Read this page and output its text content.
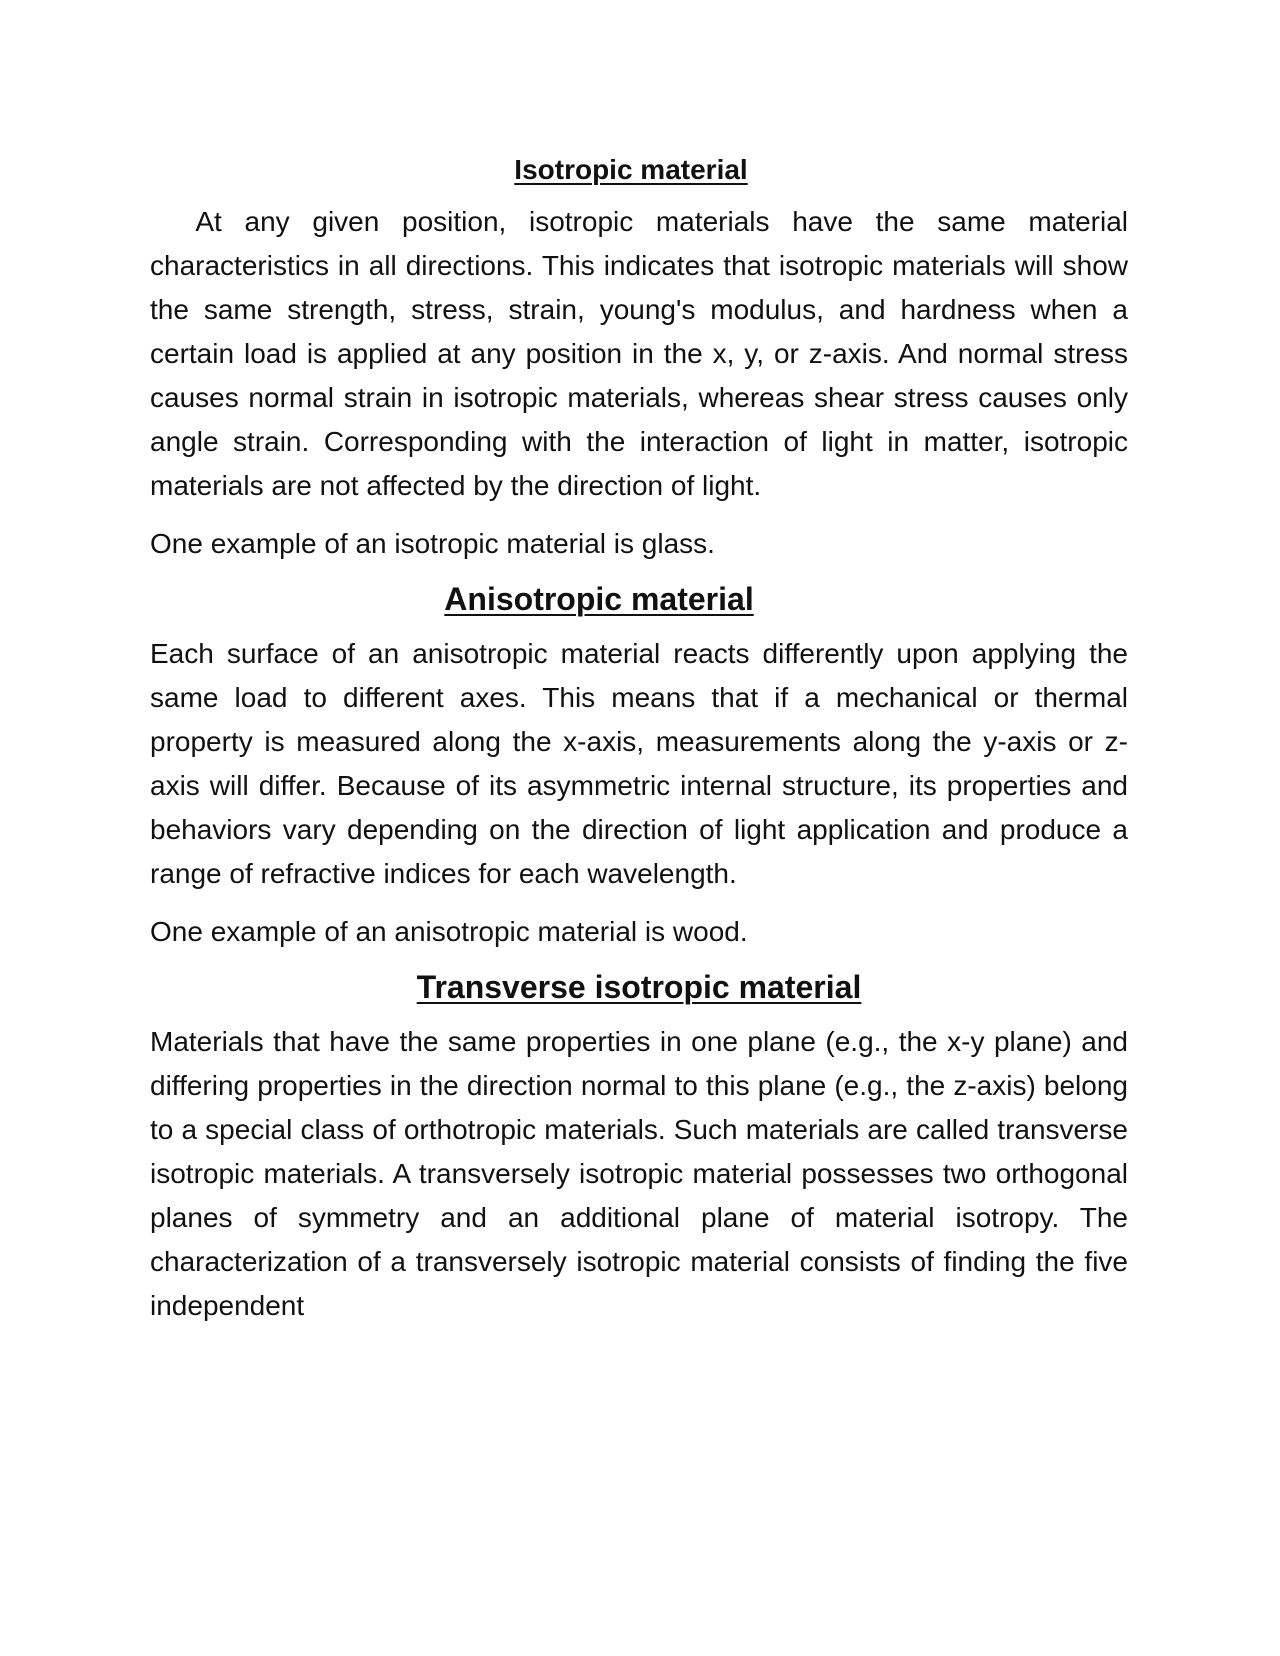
Isotropic material

At any given position, isotropic materials have the same material characteristics in all directions. This indicates that isotropic materials will show the same strength, stress, strain, young's modulus, and hardness when a certain load is applied at any position in the x, y, or z-axis. And normal stress causes normal strain in isotropic materials, whereas shear stress causes only angle strain. Corresponding with the interaction of light in matter, isotropic materials are not affected by the direction of light.

One example of an isotropic material is glass.

Anisotropic material

Each surface of an anisotropic material reacts differently upon applying the same load to different axes. This means that if a mechanical or thermal property is measured along the x-axis, measurements along the y-axis or z-axis will differ. Because of its asymmetric internal structure, its properties and behaviors vary depending on the direction of light application and produce a range of refractive indices for each wavelength.

One example of an anisotropic material is wood.

Transverse isotropic material

Materials that have the same properties in one plane (e.g., the x-y plane) and differing properties in the direction normal to this plane (e.g., the z-axis) belong to a special class of orthotropic materials. Such materials are called transverse isotropic materials. A transversely isotropic material possesses two orthogonal planes of symmetry and an additional plane of material isotropy. The characterization of a transversely isotropic material consists of finding the five independent
